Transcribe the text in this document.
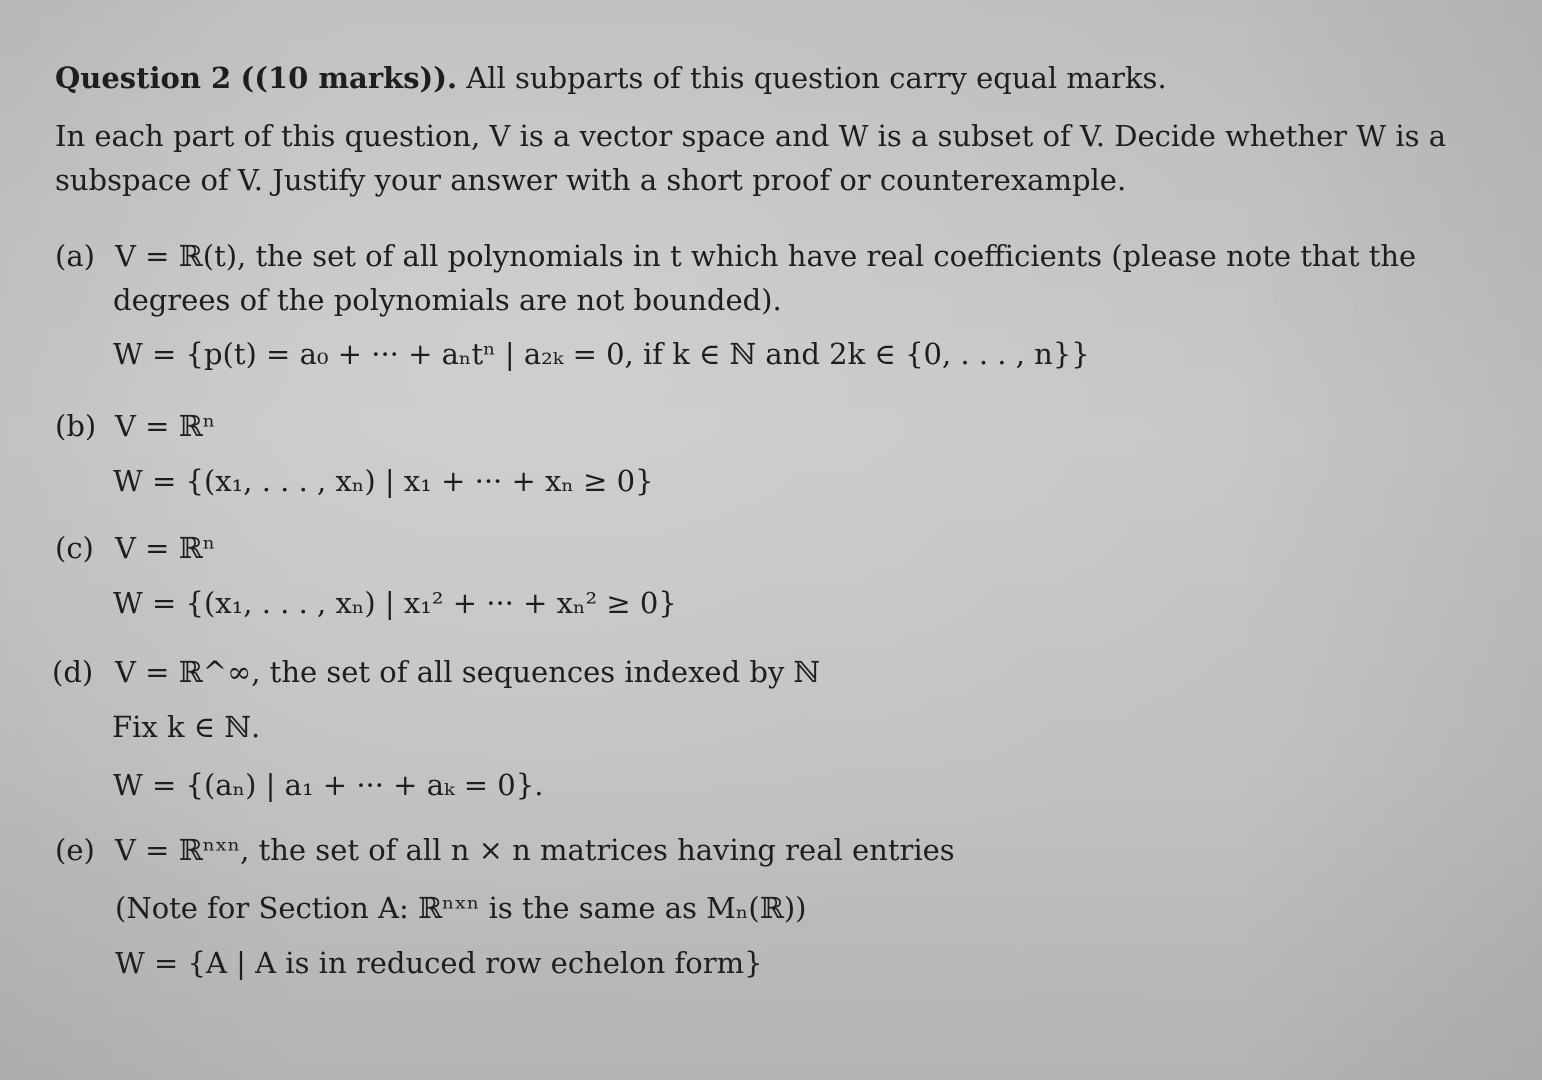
Question 2 ((10 marks)). All subparts of this question carry equal marks.
In each part of this question, V is a vector space and W is a subset of V. Decide whether W is a
subspace of V. Justify your answer with a short proof or counterexample.
(a) V = ℝ(t), the set of all polynomials in t which have real coefficients (please note that the
degrees of the polynomials are not bounded).
W = {p(t) = a₀ + ··· + aₙtⁿ | a₂ₖ = 0, if k ∈ ℕ and 2k ∈ {0, . . . , n}}
(b) V = ℝⁿ
W = {(x₁, . . . , xₙ) | x₁ + ··· + xₙ ≥ 0}
(c) V = ℝⁿ
W = {(x₁, . . . , xₙ) | x₁² + ··· + xₙ² ≥ 0}
(d) V = ℝ^∞, the set of all sequences indexed by ℕ
Fix k ∈ ℕ.
W = {(aₙ) | a₁ + ··· + aₖ = 0}.
(e) V = ℝⁿˣⁿ, the set of all n × n matrices having real entries
(Note for Section A: ℝⁿˣⁿ is the same as Mₙ(ℝ))
W = {A | A is in reduced row echelon form}
